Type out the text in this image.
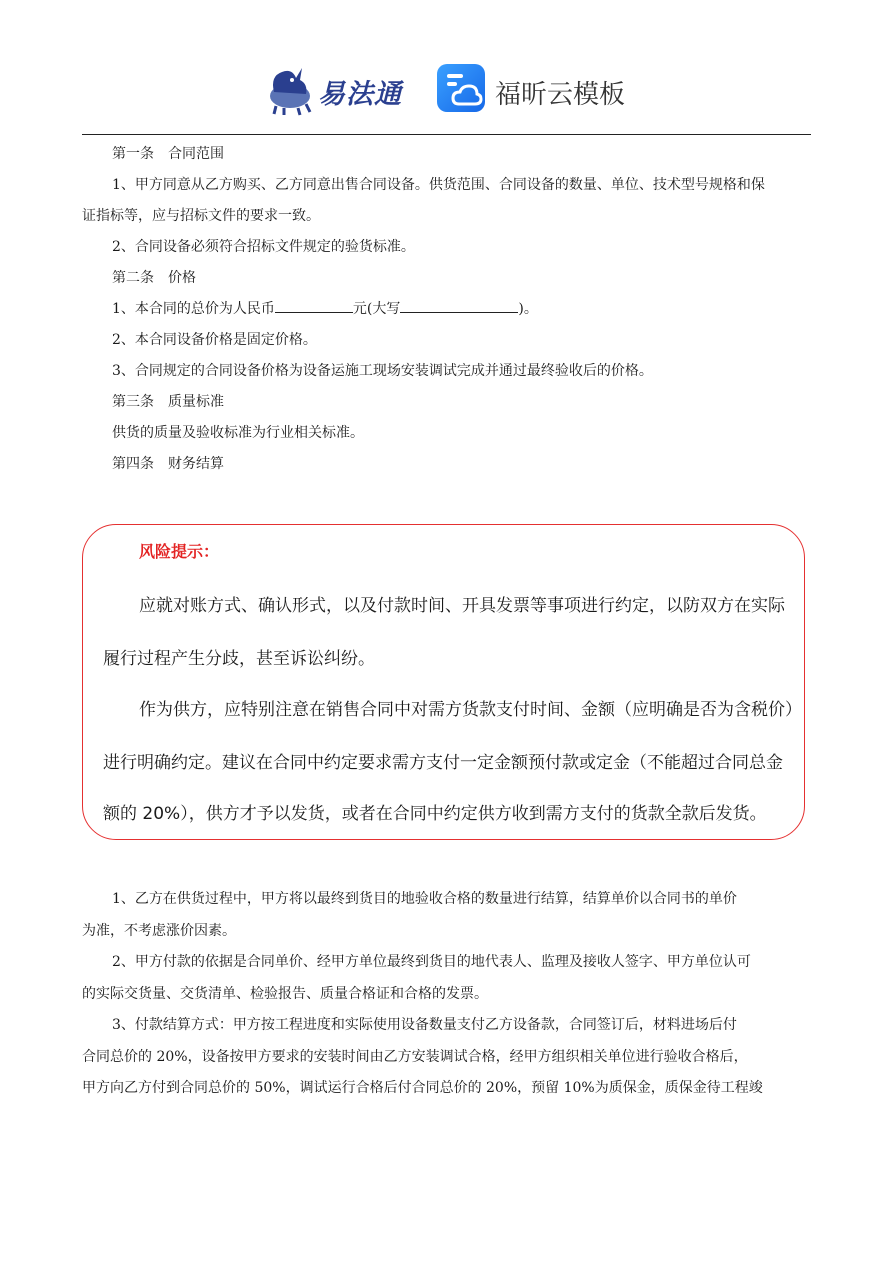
易法通	福昕云模板
第一条　合同范围
1、甲方同意从乙方购买、乙方同意出售合同设备。供货范围、合同设备的数量、单位、技术型号规格和保
证指标等，应与招标文件的要求一致。
2、合同设备必须符合招标文件规定的验货标准。
第二条　价格
1、本合同的总价为人民币	元(大写	)。
2、本合同设备价格是固定价格。
3、合同规定的合同设备价格为设备运施工现场安装调试完成并通过最终验收后的价格。
第三条　质量标准
供货的质量及验收标准为行业相关标准。
第四条　财务结算
风险提示：
应就对账方式、确认形式，以及付款时间、开具发票等事项进行约定，以防双方在实际
履行过程产生分歧，甚至诉讼纠纷。
作为供方，应特别注意在销售合同中对需方货款支付时间、金额（应明确是否为含税价）
进行明确约定。建议在合同中约定要求需方支付一定金额预付款或定金（不能超过合同总金
额的 20%），供方才予以发货，或者在合同中约定供方收到需方支付的货款全款后发货。
1、乙方在供货过程中，甲方将以最终到货目的地验收合格的数量进行结算，结算单价以合同书的单价
为准，不考虑涨价因素。
2、甲方付款的依据是合同单价、经甲方单位最终到货目的地代表人、监理及接收人签字、甲方单位认可
的实际交货量、交货清单、检验报告、质量合格证和合格的发票。
3、付款结算方式：甲方按工程进度和实际使用设备数量支付乙方设备款，合同签订后，材料进场后付
合同总价的 20%，设备按甲方要求的安装时间由乙方安装调试合格，经甲方组织相关单位进行验收合格后，
甲方向乙方付到合同总价的 50%，调试运行合格后付合同总价的 20%，预留 10%为质保金，质保金待工程竣
